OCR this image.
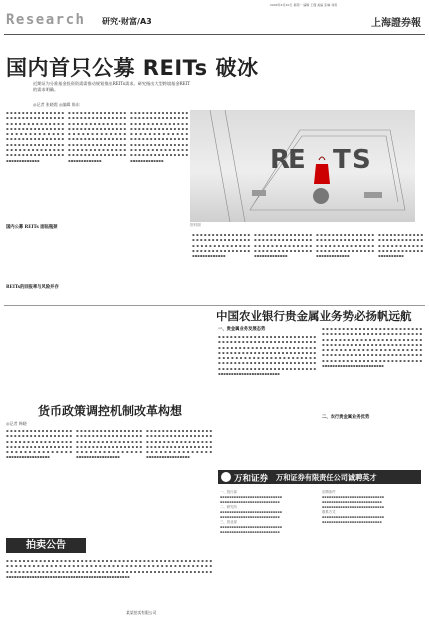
2009年4月20日 星期一 编辑 王瑾 美编 张琳 刘莉
Research 研究·财富/A3	上海證券報
国内首只公募 REITs 破冰
近期证为分准基金投资资需需推动规划推出REITs需求。研究指出大型跨境基金REIT的需求明确。
◎记者 张晓霞 ◎编辑 陈东
▪▪▪▪▪▪▪▪▪▪▪▪▪▪▪ ▪▪▪▪▪▪▪▪▪▪▪▪▪▪▪ ▪▪▪▪▪▪▪▪▪▪▪▪▪▪ ▪▪▪▪▪▪▪▪▪▪▪▪▪▪▪ ▪▪▪▪▪▪▪▪▪▪▪▪▪ ▪▪▪▪▪▪▪▪▪▪▪▪▪▪▪ ▪▪▪▪▪▪▪▪▪▪▪▪▪▪▪ ▪▪▪▪▪▪▪▪▪▪▪▪▪▪ ▪▪▪▪▪▪▪▪▪▪▪▪▪▪▪ ▪▪▪▪▪▪▪▪▪▪▪▪▪
国内公募 REITs 面临瓶颈
▪▪▪▪▪▪▪▪▪▪▪▪▪▪▪ ▪▪▪▪▪▪▪▪▪▪▪▪▪▪▪ ▪▪▪▪▪▪▪▪▪▪▪▪▪▪ ▪▪▪▪▪▪▪▪▪▪▪▪▪▪▪ ▪▪▪▪▪▪▪▪▪▪▪▪▪ ▪▪▪▪▪▪▪▪▪▪▪▪▪▪▪ ▪▪▪▪▪▪▪▪▪▪▪▪▪▪▪ ▪▪▪▪▪▪▪▪▪▪▪▪▪▪ ▪▪▪▪▪▪▪▪▪▪▪▪▪▪▪ ▪▪▪▪▪▪▪▪▪▪▪▪▪
REITs的回报率与风险并存
▪▪▪▪▪▪▪▪▪▪▪▪▪▪▪ ▪▪▪▪▪▪▪▪▪▪▪▪▪▪▪ ▪▪▪▪▪▪▪▪▪▪▪▪▪▪ ▪▪▪▪▪▪▪▪▪▪▪▪▪▪▪ ▪▪▪▪▪▪▪▪▪▪▪▪▪ ▪▪▪▪▪▪▪▪▪▪▪▪▪▪▪ ▪▪▪▪▪▪▪▪▪▪▪▪▪▪▪ ▪▪▪▪▪▪▪▪▪▪▪▪▪▪ ▪▪▪▪▪▪▪▪▪▪▪▪▪▪▪ ▪▪▪▪▪▪▪▪▪▪▪▪▪	R
E T S
资料图
▪▪▪▪▪▪▪▪▪▪▪▪▪▪▪ ▪▪▪▪▪▪▪▪▪▪▪▪▪▪▪ ▪▪▪▪▪▪▪▪▪▪▪▪▪▪ ▪▪▪▪▪▪▪▪▪▪▪▪▪▪▪ ▪▪▪▪▪▪▪▪▪▪▪▪▪
▪▪▪▪▪▪▪▪▪▪▪▪▪▪▪ ▪▪▪▪▪▪▪▪▪▪▪▪▪▪▪ ▪▪▪▪▪▪▪▪▪▪▪▪▪▪ ▪▪▪▪▪▪▪▪▪▪▪▪▪▪▪ ▪▪▪▪▪▪▪▪▪▪▪▪▪
▪▪▪▪▪▪▪▪▪▪▪▪▪▪▪ ▪▪▪▪▪▪▪▪▪▪▪▪▪▪▪ ▪▪▪▪▪▪▪▪▪▪▪▪▪▪ ▪▪▪▪▪▪▪▪▪▪▪▪▪▪▪ ▪▪▪▪▪▪▪▪▪▪▪▪▪
▪▪▪▪▪▪▪▪▪▪▪▪ ▪▪▪▪▪▪▪▪▪▪▪▪ ▪▪▪▪▪▪▪▪▪▪▪ ▪▪▪▪▪▪▪▪▪▪▪▪ ▪▪▪▪▪▪▪▪▪▪
中国农业银行贵金属业务势必扬帆远航
一、贵金属业务发展态势
▪▪▪▪▪▪▪▪▪▪▪▪▪▪▪▪▪▪▪▪▪▪▪▪▪ ▪▪▪▪▪▪▪▪▪▪▪▪▪▪▪▪▪▪▪▪▪▪▪▪▪ ▪▪▪▪▪▪▪▪▪▪▪▪▪▪▪▪▪▪▪▪▪▪▪▪ ▪▪▪▪▪▪▪▪▪▪▪▪▪▪▪▪▪▪▪▪▪▪▪▪▪ ▪▪▪▪▪▪▪▪▪▪▪▪▪▪▪▪▪▪▪▪▪▪▪ ▪▪▪▪▪▪▪▪▪▪▪▪▪▪▪▪▪▪▪▪▪▪▪▪▪ ▪▪▪▪▪▪▪▪▪▪▪▪▪▪▪▪▪▪▪▪▪▪▪▪▪ ▪▪▪▪▪▪▪▪▪▪▪▪▪▪▪▪▪▪▪▪▪▪▪▪
二、农行贵金属业务优势
▪▪▪▪▪▪▪▪▪▪▪▪▪▪▪▪▪▪▪▪▪▪▪▪▪ ▪▪▪▪▪▪▪▪▪▪▪▪▪▪▪▪▪▪▪▪▪▪▪▪▪ ▪▪▪▪▪▪▪▪▪▪▪▪▪▪▪▪▪▪▪▪▪▪▪▪ ▪▪▪▪▪▪▪▪▪▪▪▪▪▪▪▪▪▪▪▪▪▪▪▪▪ ▪▪▪▪▪▪▪▪▪▪▪▪▪▪▪▪▪▪▪▪▪▪▪ ▪▪▪▪▪▪▪▪▪▪▪▪▪▪▪▪▪▪▪▪▪▪▪▪▪ ▪▪▪▪▪▪▪▪▪▪▪▪▪▪▪▪▪▪▪▪▪▪▪▪▪ ▪▪▪▪▪▪▪▪▪▪▪▪▪▪▪▪▪▪▪▪▪▪▪▪
货币政策调控机制改革构想
◎记者 韩晓
▪▪▪▪▪▪▪▪▪▪▪▪▪▪▪▪▪ ▪▪▪▪▪▪▪▪▪▪▪▪▪▪▪▪▪ ▪▪▪▪▪▪▪▪▪▪▪▪▪▪▪▪ ▪▪▪▪▪▪▪▪▪▪▪▪▪▪▪▪▪ ▪▪▪▪▪▪▪▪▪▪▪▪▪▪▪ ▪▪▪▪▪▪▪▪▪▪▪▪▪▪▪▪▪
▪▪▪▪▪▪▪▪▪▪▪▪▪▪▪▪▪ ▪▪▪▪▪▪▪▪▪▪▪▪▪▪▪▪▪ ▪▪▪▪▪▪▪▪▪▪▪▪▪▪▪▪ ▪▪▪▪▪▪▪▪▪▪▪▪▪▪▪▪▪ ▪▪▪▪▪▪▪▪▪▪▪▪▪▪▪ ▪▪▪▪▪▪▪▪▪▪▪▪▪▪▪▪▪
▪▪▪▪▪▪▪▪▪▪▪▪▪▪▪▪▪ ▪▪▪▪▪▪▪▪▪▪▪▪▪▪▪▪▪ ▪▪▪▪▪▪▪▪▪▪▪▪▪▪▪▪ ▪▪▪▪▪▪▪▪▪▪▪▪▪▪▪▪▪ ▪▪▪▪▪▪▪▪▪▪▪▪▪▪▪ ▪▪▪▪▪▪▪▪▪▪▪▪▪▪▪▪▪
拍卖公告
▪▪▪▪▪▪▪▪▪▪▪▪▪▪▪▪▪▪▪▪▪▪▪▪▪▪▪▪▪▪▪▪▪▪▪▪▪▪▪▪▪▪▪▪▪▪▪▪▪▪ ▪▪▪▪▪▪▪▪▪▪▪▪▪▪▪▪▪▪▪▪▪▪▪▪▪▪▪▪▪▪▪▪▪▪▪▪▪▪▪▪▪▪▪▪▪▪▪ ▪▪▪▪▪▪▪▪▪▪▪▪▪▪▪▪▪▪▪▪▪▪▪▪▪▪▪▪▪▪▪▪▪▪▪▪▪▪▪▪▪▪▪▪▪▪▪▪▪▪▪▪ ▪▪▪▪▪▪▪▪▪▪▪▪▪▪▪▪▪▪▪▪▪▪▪▪▪▪▪▪▪▪▪▪▪▪▪▪▪▪▪▪▪▪▪▪▪▪▪▪
某某拍卖有限公司
万和证券 万和证券有限责任公司诚聘英才
一、投行部
▪▪▪▪▪▪▪▪▪▪▪▪▪▪▪▪▪▪▪▪▪▪▪▪▪▪▪ ▪▪▪▪▪▪▪▪▪▪▪▪▪▪▪▪▪▪▪▪▪▪▪▪▪▪
二、研究所
▪▪▪▪▪▪▪▪▪▪▪▪▪▪▪▪▪▪▪▪▪▪▪▪▪▪▪ ▪▪▪▪▪▪▪▪▪▪▪▪▪▪▪▪▪▪▪▪▪▪▪▪▪▪
三、营业部
▪▪▪▪▪▪▪▪▪▪▪▪▪▪▪▪▪▪▪▪▪▪▪▪▪▪▪ ▪▪▪▪▪▪▪▪▪▪▪▪▪▪▪▪▪▪▪▪▪▪▪▪▪▪
应聘条件
▪▪▪▪▪▪▪▪▪▪▪▪▪▪▪▪▪▪▪▪▪▪▪▪▪▪▪ ▪▪▪▪▪▪▪▪▪▪▪▪▪▪▪▪▪▪▪▪▪▪▪▪▪▪ ▪▪▪▪▪▪▪▪▪▪▪▪▪▪▪▪▪▪▪▪▪▪▪▪▪▪▪
联系方式
▪▪▪▪▪▪▪▪▪▪▪▪▪▪▪▪▪▪▪▪▪▪▪▪▪▪▪ ▪▪▪▪▪▪▪▪▪▪▪▪▪▪▪▪▪▪▪▪▪▪▪▪▪▪
